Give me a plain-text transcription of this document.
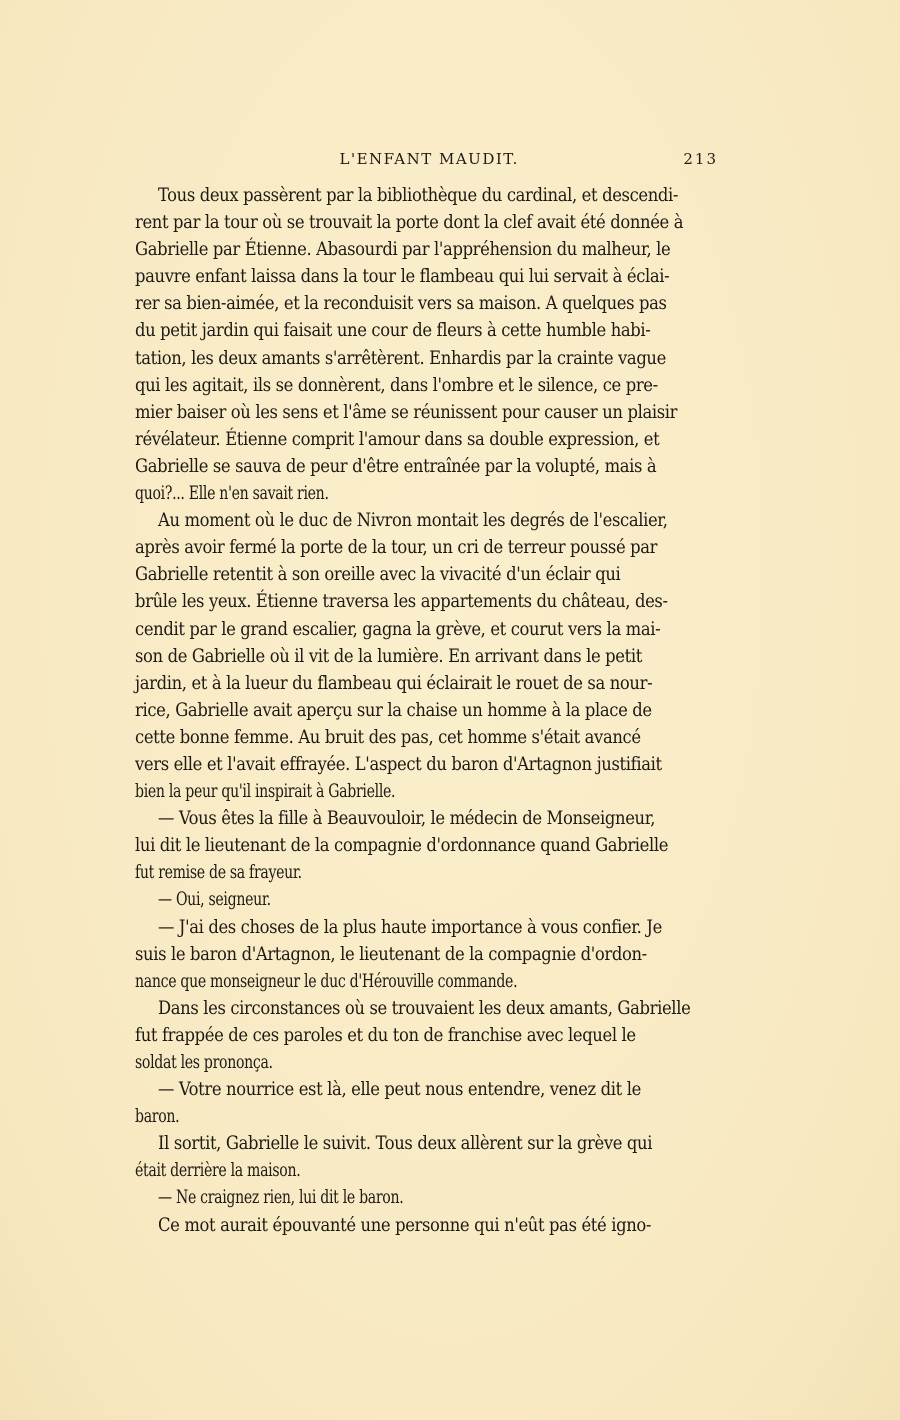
L'ENFANT MAUDIT.	213
Tous deux passèrent par la bibliothèque du cardinal, et descendi-
rent par la tour où se trouvait la porte dont la clef avait été donnée à
Gabrielle par Étienne. Abasourdi par l'appréhension du malheur, le
pauvre enfant laissa dans la tour le flambeau qui lui servait à éclai-
rer sa bien-aimée, et la reconduisit vers sa maison. A quelques pas
du petit jardin qui faisait une cour de fleurs à cette humble habi-
tation, les deux amants s'arrêtèrent. Enhardis par la crainte vague
qui les agitait, ils se donnèrent, dans l'ombre et le silence, ce pre-
mier baiser où les sens et l'âme se réunissent pour causer un plaisir
révélateur. Étienne comprit l'amour dans sa double expression, et
Gabrielle se sauva de peur d'être entraînée par la volupté, mais à
quoi?... Elle n'en savait rien.
Au moment où le duc de Nivron montait les degrés de l'escalier,
après avoir fermé la porte de la tour, un cri de terreur poussé par
Gabrielle retentit à son oreille avec la vivacité d'un éclair qui
brûle les yeux. Étienne traversa les appartements du château, des-
cendit par le grand escalier, gagna la grève, et courut vers la mai-
son de Gabrielle où il vit de la lumière. En arrivant dans le petit
jardin, et à la lueur du flambeau qui éclairait le rouet de sa nour-
rice, Gabrielle avait aperçu sur la chaise un homme à la place de
cette bonne femme. Au bruit des pas, cet homme s'était avancé
vers elle et l'avait effrayée. L'aspect du baron d'Artagnon justifiait
bien la peur qu'il inspirait à Gabrielle.
— Vous êtes la fille à Beauvouloir, le médecin de Monseigneur,
lui dit le lieutenant de la compagnie d'ordonnance quand Gabrielle
fut remise de sa frayeur.
— Oui, seigneur.
— J'ai des choses de la plus haute importance à vous confier. Je
suis le baron d'Artagnon, le lieutenant de la compagnie d'ordon-
nance que monseigneur le duc d'Hérouville commande.
Dans les circonstances où se trouvaient les deux amants, Gabrielle
fut frappée de ces paroles et du ton de franchise avec lequel le
soldat les prononça.
— Votre nourrice est là, elle peut nous entendre, venez dit le
baron.
Il sortit, Gabrielle le suivit. Tous deux allèrent sur la grève qui
était derrière la maison.
— Ne craignez rien, lui dit le baron.
Ce mot aurait épouvanté une personne qui n'eût pas été igno-
